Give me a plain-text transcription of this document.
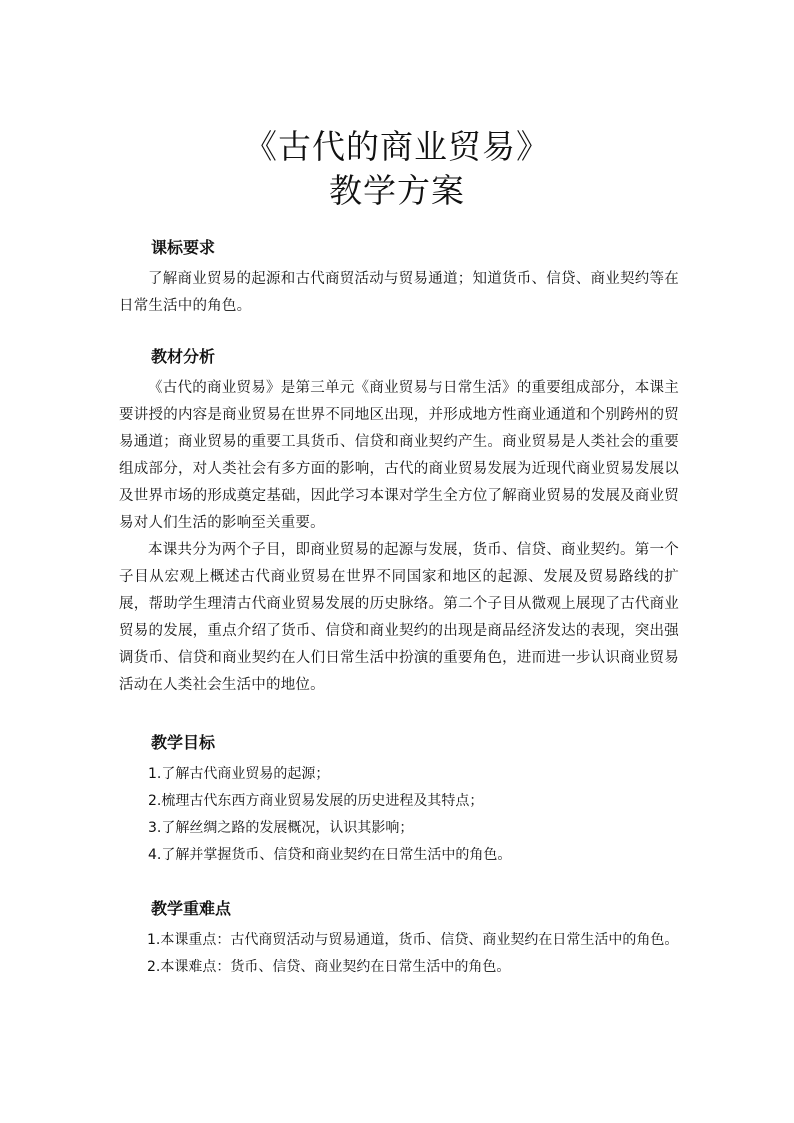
《古代的商业贸易》
教学方案
课标要求

了解商业贸易的起源和古代商贸活动与贸易通道；知道货币、信贷、商业契约等在日常生活中的角色。

教材分析

《古代的商业贸易》是第三单元《商业贸易与日常生活》的重要组成部分，本课主要讲授的内容是商业贸易在世界不同地区出现，并形成地方性商业通道和个别跨州的贸易通道；商业贸易的重要工具货币、信贷和商业契约产生。商业贸易是人类社会的重要组成部分，对人类社会有多方面的影响，古代的商业贸易发展为近现代商业贸易发展以及世界市场的形成奠定基础，因此学习本课对学生全方位了解商业贸易的发展及商业贸易对人们生活的影响至关重要。

本课共分为两个子目，即商业贸易的起源与发展，货币、信贷、商业契约。第一个子目从宏观上概述古代商业贸易在世界不同国家和地区的起源、发展及贸易路线的扩展，帮助学生理清古代商业贸易发展的历史脉络。第二个子目从微观上展现了古代商业贸易的发展，重点介绍了货币、信贷和商业契约的出现是商品经济发达的表现，突出强调货币、信贷和商业契约在人们日常生活中扮演的重要角色，进而进一步认识商业贸易活动在人类社会生活中的地位。

教学目标

1.了解古代商业贸易的起源；

2.梳理古代东西方商业贸易发展的历史进程及其特点；

3.了解丝绸之路的发展概况，认识其影响；

4.了解并掌握货币、信贷和商业契约在日常生活中的角色。

教学重难点

1.本课重点：古代商贸活动与贸易通道，货币、信贷、商业契约在日常生活中的角色。

2.本课难点：货币、信贷、商业契约在日常生活中的角色。
